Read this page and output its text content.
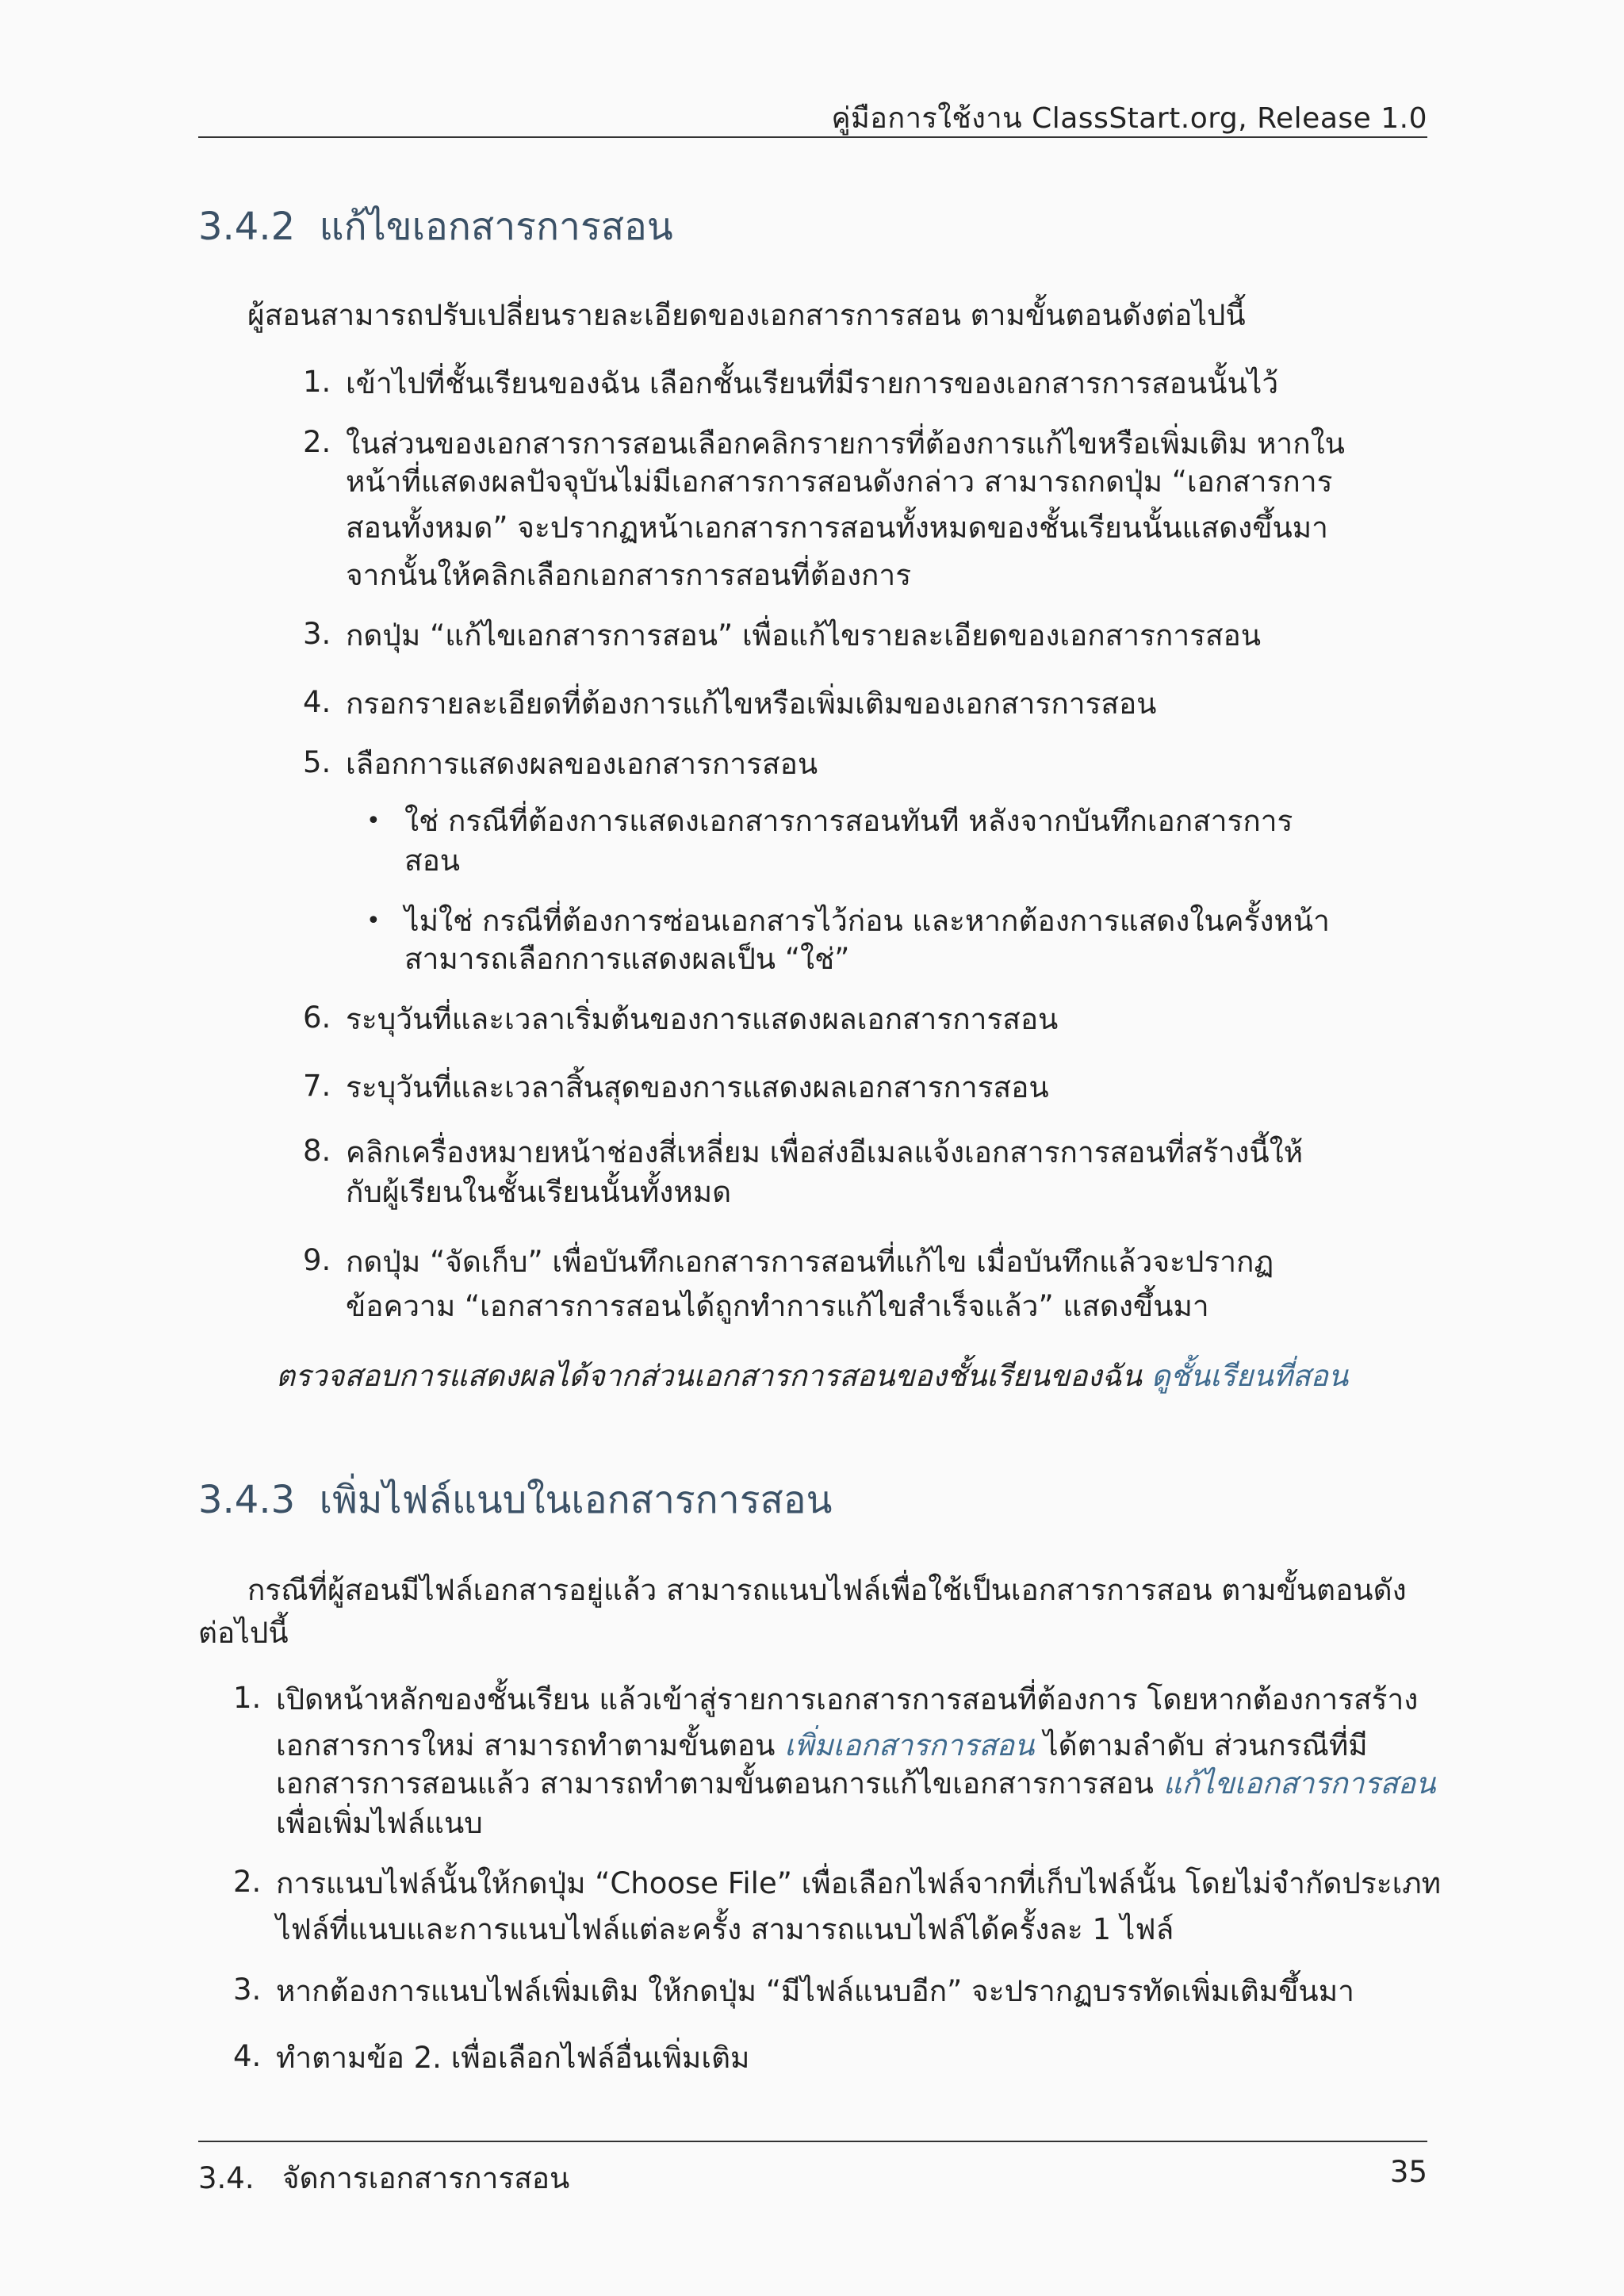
คู่มือการใช้งาน ClassStart.org, Release 1.0
3.4.2 แก้ไขเอกสารการสอน
ผู้สอนสามารถปรับเปลี่ยนรายละเอียดของเอกสารการสอน ตามขั้นตอนดังต่อไปนี้
1. เข้าไปที่ชั้นเรียนของฉัน เลือกชั้นเรียนที่มีรายการของเอกสารการสอนนั้นไว้
2. ในส่วนของเอกสารการสอนเลือกคลิกรายการที่ต้องการแก้ไขหรือเพิ่มเติม หากใน
หน้าที่แสดงผลปัจจุบันไม่มีเอกสารการสอนดังกล่าว สามารถกดปุ่ม “เอกสารการ
สอนทั้งหมด” จะปรากฏหน้าเอกสารการสอนทั้งหมดของชั้นเรียนนั้นแสดงขึ้นมา
จากนั้นให้คลิกเลือกเอกสารการสอนที่ต้องการ
3. กดปุ่ม “แก้ไขเอกสารการสอน” เพื่อแก้ไขรายละเอียดของเอกสารการสอน
4. กรอกรายละเอียดที่ต้องการแก้ไขหรือเพิ่มเติมของเอกสารการสอน
5. เลือกการแสดงผลของเอกสารการสอน
• ใช่ กรณีที่ต้องการแสดงเอกสารการสอนทันที หลังจากบันทึกเอกสารการ
สอน
• ไม่ใช่ กรณีที่ต้องการซ่อนเอกสารไว้ก่อน และหากต้องการแสดงในครั้งหน้า
สามารถเลือกการแสดงผลเป็น “ใช่”
6. ระบุวันที่และเวลาเริ่มต้นของการแสดงผลเอกสารการสอน
7. ระบุวันที่และเวลาสิ้นสุดของการแสดงผลเอกสารการสอน
8. คลิกเครื่องหมายหน้าช่องสี่เหลี่ยม เพื่อส่งอีเมลแจ้งเอกสารการสอนที่สร้างนี้ให้
กับผู้เรียนในชั้นเรียนนั้นทั้งหมด
9. กดปุ่ม “จัดเก็บ” เพื่อบันทึกเอกสารการสอนที่แก้ไข เมื่อบันทึกแล้วจะปรากฏ
ข้อความ “เอกสารการสอนได้ถูกทำการแก้ไขสำเร็จแล้ว” แสดงขึ้นมา
ตรวจสอบการแสดงผลได้จากส่วนเอกสารการสอนของชั้นเรียนของฉัน ดูชั้นเรียนที่สอน
3.4.3 เพิ่มไฟล์แนบในเอกสารการสอน
กรณีที่ผู้สอนมีไฟล์เอกสารอยู่แล้ว สามารถแนบไฟล์เพื่อใช้เป็นเอกสารการสอน ตามขั้นตอนดัง
ต่อไปนี้
1. เปิดหน้าหลักของชั้นเรียน แล้วเข้าสู่รายการเอกสารการสอนที่ต้องการ โดยหากต้องการสร้าง
เอกสารการใหม่ สามารถทำตามขั้นตอน เพิ่มเอกสารการสอน ได้ตามลำดับ ส่วนกรณีที่มี
เอกสารการสอนแล้ว สามารถทำตามขั้นตอนการแก้ไขเอกสารการสอน แก้ไขเอกสารการสอน
เพื่อเพิ่มไฟล์แนบ
2. การแนบไฟล์นั้นให้กดปุ่ม “Choose File” เพื่อเลือกไฟล์จากที่เก็บไฟล์นั้น โดยไม่จำกัดประเภท
ไฟล์ที่แนบและการแนบไฟล์แต่ละครั้ง สามารถแนบไฟล์ได้ครั้งละ 1 ไฟล์
3. หากต้องการแนบไฟล์เพิ่มเติม ให้กดปุ่ม “มีไฟล์แนบอีก” จะปรากฏบรรทัดเพิ่มเติมขึ้นมา
4. ทำตามข้อ 2. เพื่อเลือกไฟล์อื่นเพิ่มเติม
3.4. จัดการเอกสารการสอน	35
